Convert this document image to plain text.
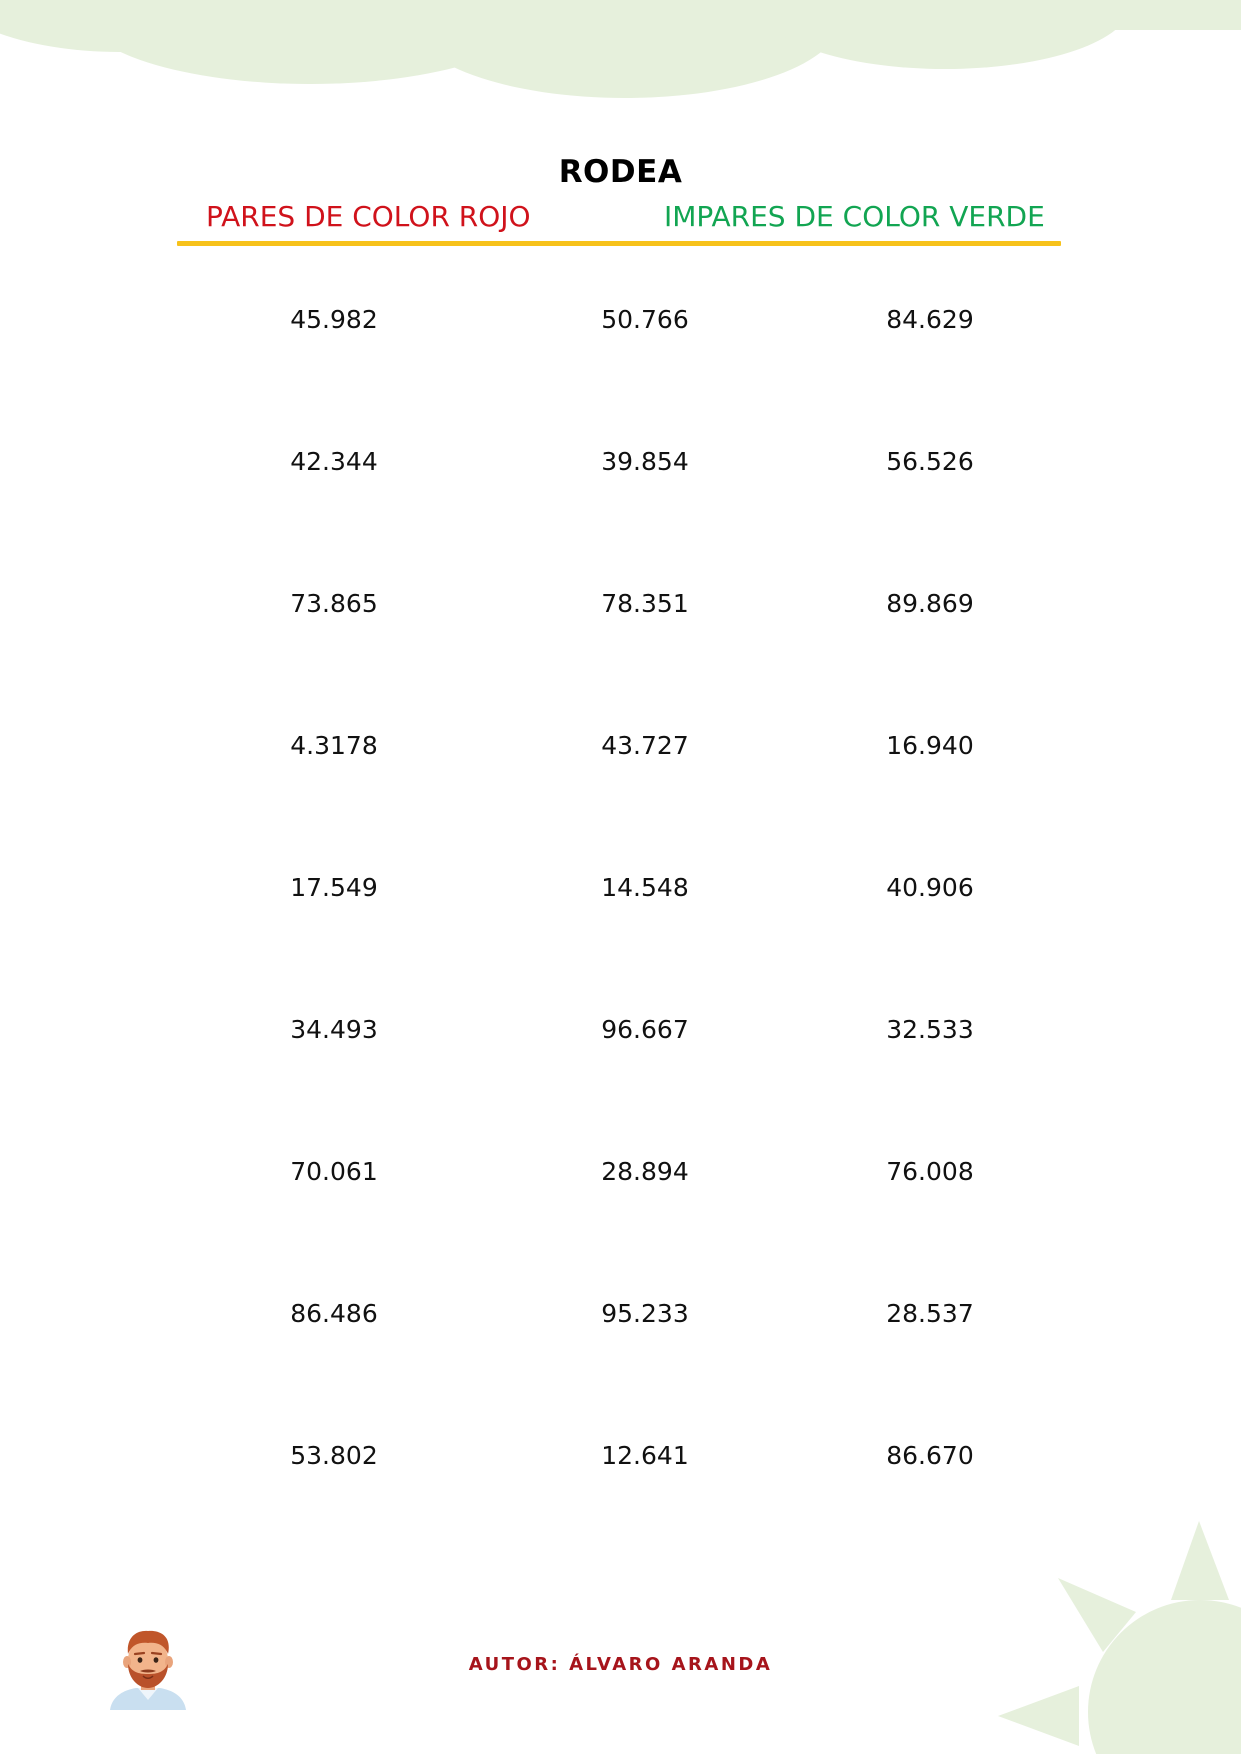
RODEA
PARES DE COLOR ROJO	IMPARES DE COLOR VERDE
45.982	50.766	84.629
42.344	39.854	56.526
73.865	78.351	89.869
4.3178	43.727	16.940
17.549	14.548	40.906
34.493	96.667	32.533
70.061	28.894	76.008
86.486	95.233	28.537
53.802	12.641	86.670
AUTOR: ÁLVARO ARANDA
